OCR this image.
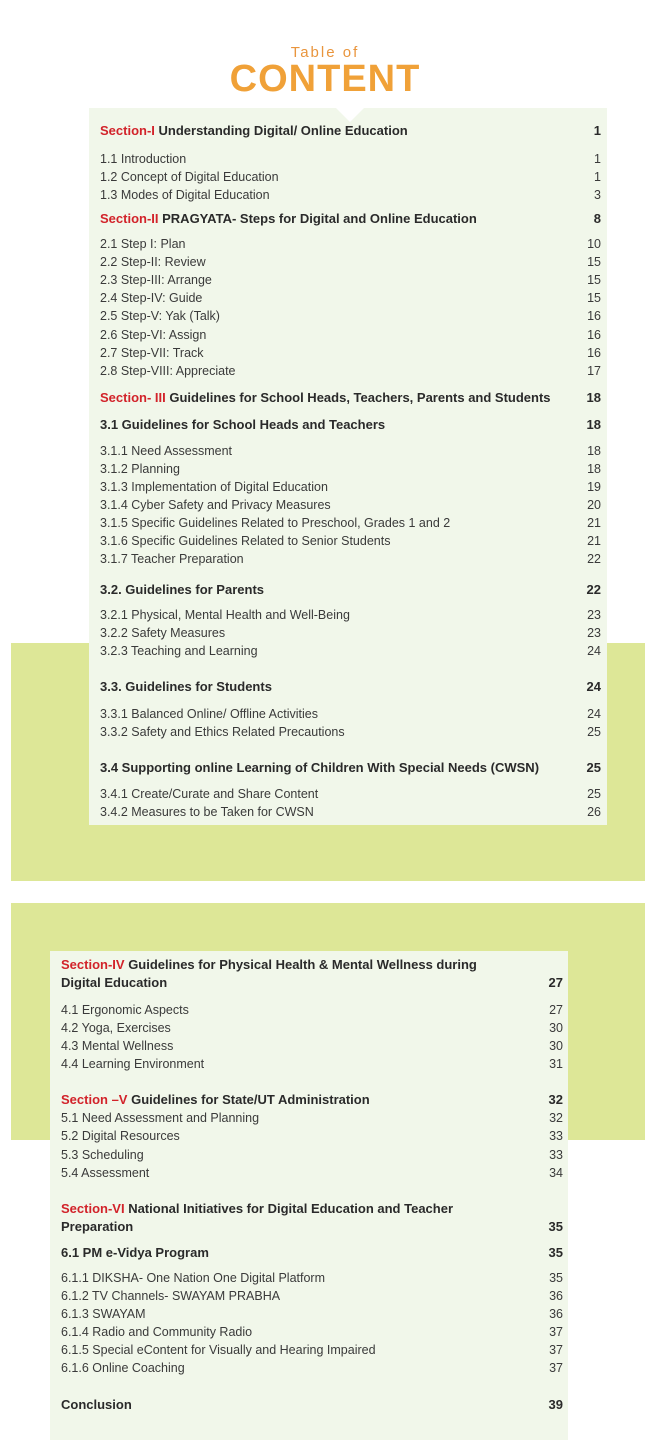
Table of
CONTENT
Section-I Understanding Digital/ Online Education	1
1.1 Introduction	1
1.2 Concept of Digital Education	1
1.3 Modes of Digital Education	3
Section-II PRAGYATA- Steps for Digital and Online Education	8
2.1 Step I: Plan	10
2.2 Step-II: Review	15
2.3 Step-III: Arrange	15
2.4 Step-IV: Guide	15
2.5 Step-V: Yak (Talk)	16
2.6 Step-VI: Assign	16
2.7 Step-VII: Track	16
2.8 Step-VIII: Appreciate	17
Section- III Guidelines for School Heads, Teachers, Parents and Students	18
3.1 Guidelines for School Heads and Teachers	18
3.1.1 Need Assessment	18
3.1.2 Planning	18
3.1.3 Implementation of Digital Education	19
3.1.4 Cyber Safety and Privacy Measures	20
3.1.5 Specific Guidelines Related to Preschool, Grades 1 and 2	21
3.1.6 Specific Guidelines Related to Senior Students	21
3.1.7 Teacher Preparation	22
3.2. Guidelines for Parents	22
3.2.1 Physical, Mental Health and Well-Being	23
3.2.2 Safety Measures	23
3.2.3 Teaching and Learning	24
3.3. Guidelines for Students	24
3.3.1 Balanced Online/ Offline Activities	24
3.3.2 Safety and Ethics Related Precautions	25
3.4 Supporting online Learning of Children With Special Needs (CWSN)	25
3.4.1 Create/Curate and Share Content	25
3.4.2 Measures to be Taken for CWSN	26
Section-IV Guidelines for Physical Health & Mental Wellness during
Digital Education	27
4.1 Ergonomic Aspects	27
4.2 Yoga, Exercises	30
4.3 Mental Wellness	30
4.4 Learning Environment	31
Section –V Guidelines for State/UT Administration	32
5.1 Need Assessment and Planning	32
5.2 Digital Resources	33
5.3 Scheduling	33
5.4 Assessment	34
Section-VI National Initiatives for Digital Education and Teacher
Preparation	35
6.1 PM e-Vidya Program	35
6.1.1 DIKSHA- One Nation One Digital Platform	35
6.1.2 TV Channels- SWAYAM PRABHA	36
6.1.3 SWAYAM	36
6.1.4 Radio and Community Radio	37
6.1.5 Special eContent for Visually and Hearing Impaired	37
6.1.6 Online Coaching	37
Conclusion	39
